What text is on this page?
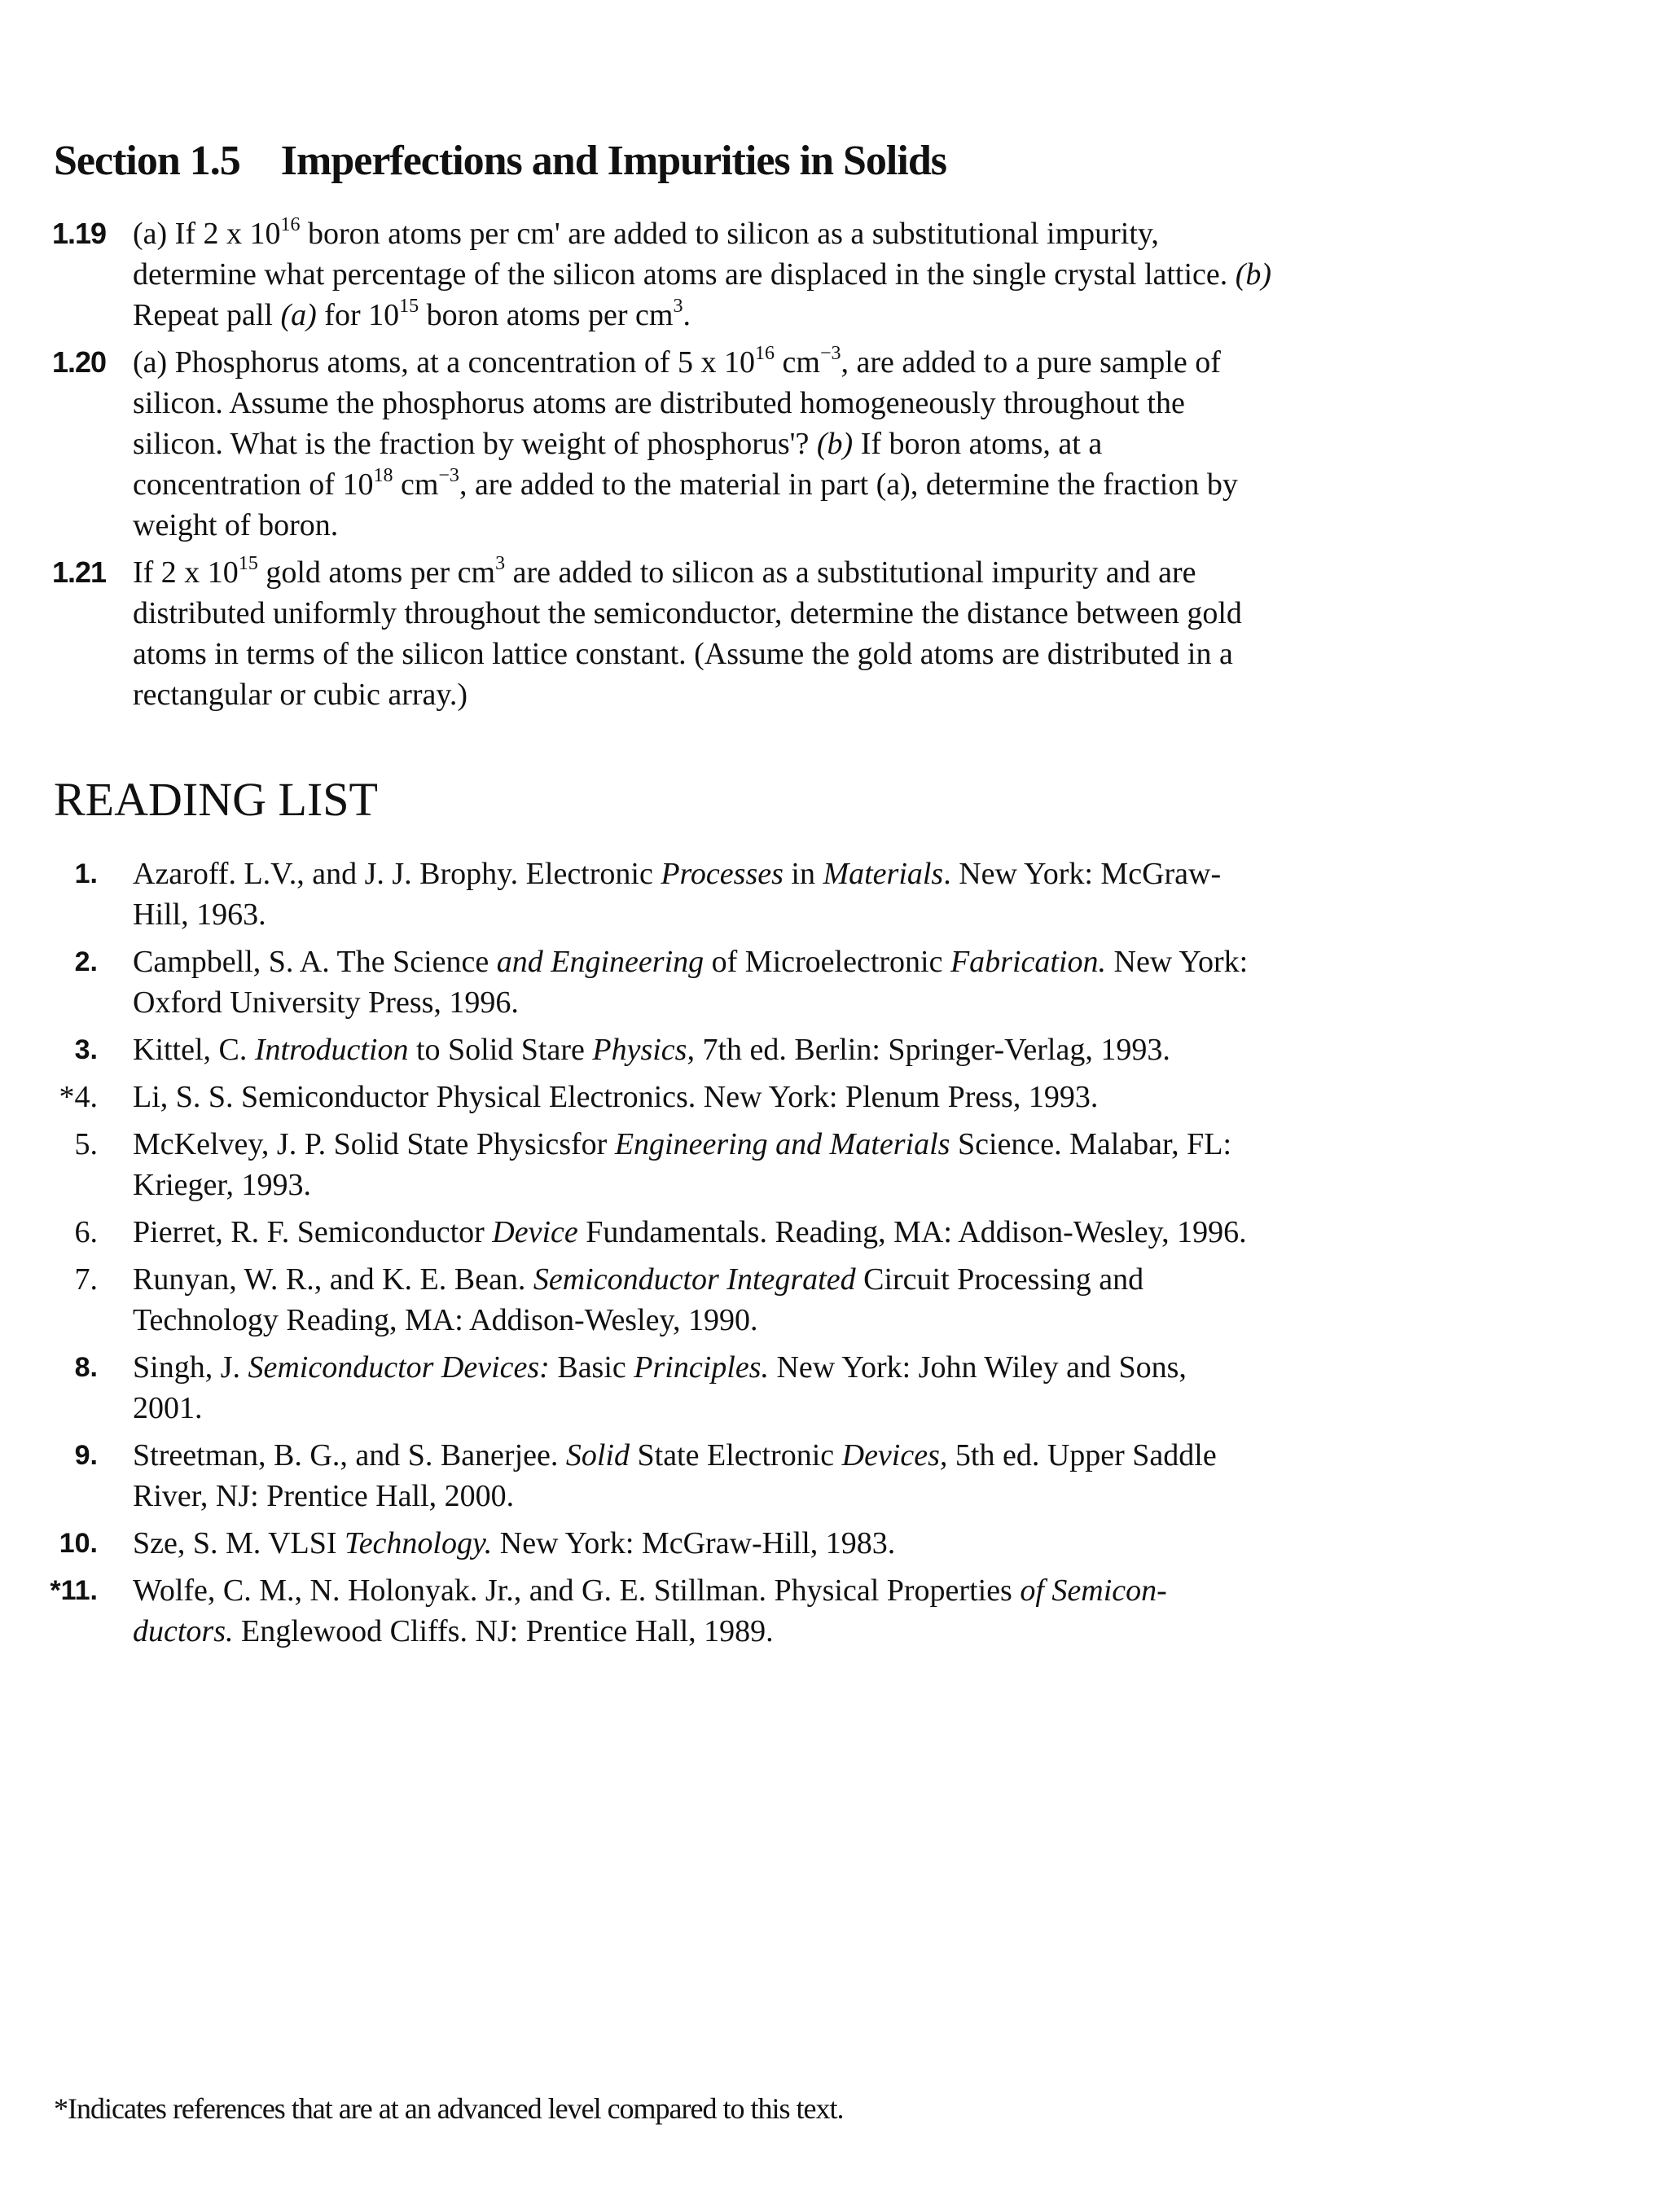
Section 1.5 Imperfections and Impurities in Solids
1.19 (a) If 2 x $10^{16}$ boron atoms per cm' are added to silicon as a substitutional impurity, determine what percentage of the silicon atoms are displaced in the single crystal lattice. (b) Repeat pall (a) for $10^{15}$ boron atoms per $cm^3$.
1.20 (a) Phosphorus atoms, at a concentration of 5 x $10^{16}$ $cm^{-3}$, are added to a pure sample of silicon. Assume the phosphorus atoms are distributed homogeneously throughout the silicon. What is the fraction by weight of phosphorus'? (b) If boron atoms, at a concentration of $10^{18}$ $cm^{-3}$, are added to the material in part (a), determine the fraction by weight of boron.
1.21 If 2 x $10^{15}$ gold atoms per $cm^3$ are added to silicon as a substitutional impurity and are distributed uniformly throughout the semiconductor, determine the distance between gold atoms in terms of the silicon lattice constant. (Assume the gold atoms are distributed in a rectangular or cubic array.)
READING LIST
1. Azaroff. L.V., and J. J. Brophy. Electronic Processes in Materials. New York: McGraw-Hill, 1963.
2. Campbell, S. A. The Science and Engineering of Microelectronic Fabrication. New York: Oxford University Press, 1996.
3. Kittel, C. Introduction to Solid Stare Physics, 7th ed. Berlin: Springer-Verlag, 1993.
*4. Li, S. S. Semiconductor Physical Electronics. New York: Plenum Press, 1993.
5. McKelvey, J. P. Solid State Physicsfor Engineering and Materials Science. Malabar, FL: Krieger, 1993.
6. Pierret, R. F. Semiconductor Device Fundamentals. Reading, MA: Addison-Wesley, 1996.
7. Runyan, W. R., and K. E. Bean. Semiconductor Integrated Circuit Processing and Technology Reading, MA: Addison-Wesley, 1990.
8. Singh, J. Semiconductor Devices: Basic Principles. New York: John Wiley and Sons, 2001.
9. Streetman, B. G., and S. Banerjee. Solid State Electronic Devices, 5th ed. Upper Saddle River, NJ: Prentice Hall, 2000.
10. Sze, S. M. VLSI Technology. New York: McGraw-Hill, 1983.
*11. Wolfe, C. M., N. Holonyak. Jr., and G. E. Stillman. Physical Properties of Semicon-ductors. Englewood Cliffs. NJ: Prentice Hall, 1989.
*Indicates references that are at an advanced level compared to this text.
